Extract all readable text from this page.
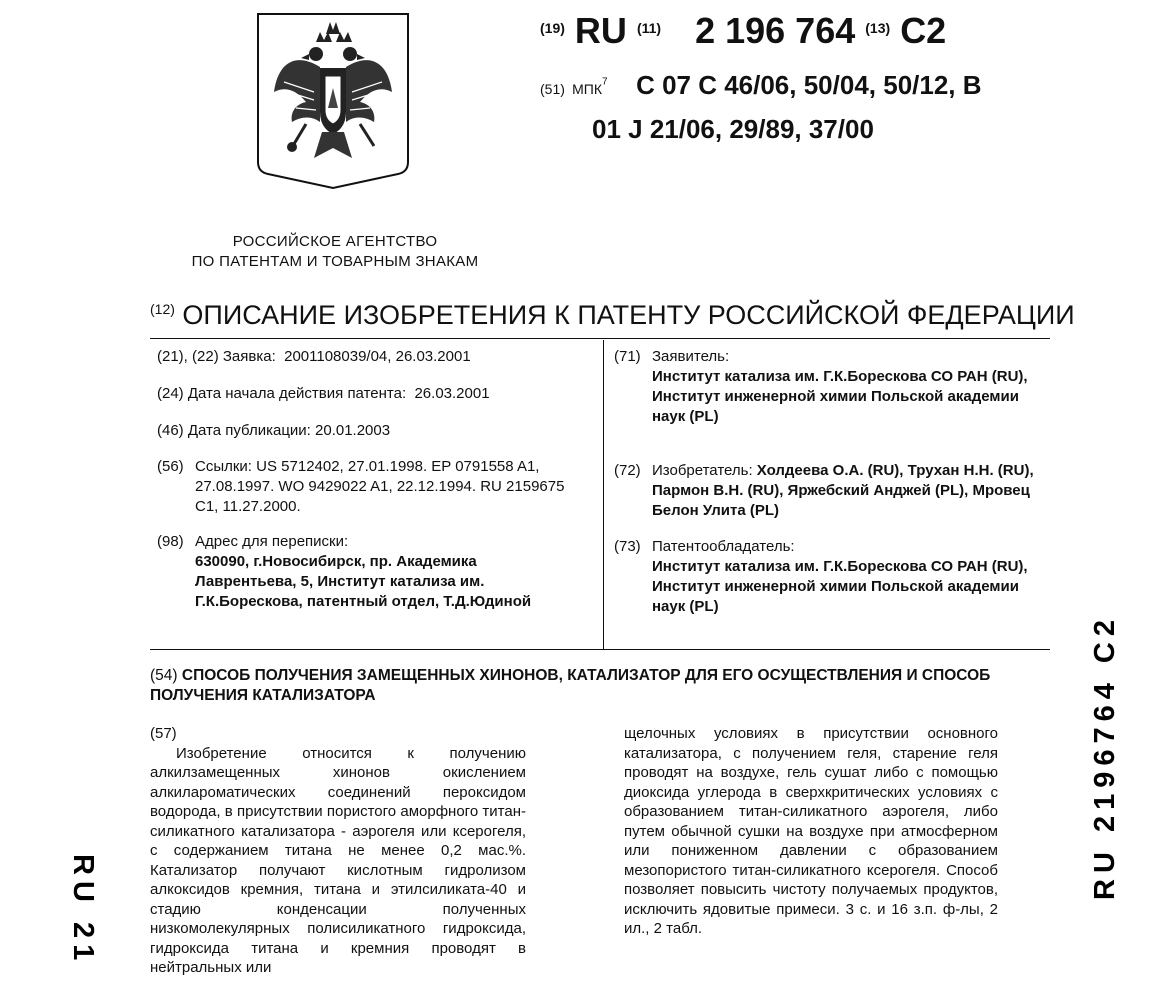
РОССИЙСКОЕ АГЕНТСТВО
ПО ПАТЕНТАМ И ТОВАРНЫМ ЗНАКАМ
$^{(19)}$ RU $^{(11)}$ 2 196 764 $^{(13)}$ C2
(51) МПК$^7$ C 07 C 46/06, 50/04, 50/12, B
01 J 21/06, 29/89, 37/00
$^{(12)}$ ОПИСАНИЕ ИЗОБРЕТЕНИЯ К ПАТЕНТУ РОССИЙСКОЙ ФЕДЕРАЦИИ
(21), (22) Заявка: 2001108039/04, 26.03.2001
(24) Дата начала действия патента: 26.03.2001
(46) Дата публикации: 20.01.2003
(56) Ссылки: US 5712402, 27.01.1998. EP 0791558 A1, 27.08.1997. WO 9429022 A1, 22.12.1994. RU 2159675 C1, 11.27.2000.
(98) Адрес для переписки:
630090, г.Новосибирск, пр. Академика Лаврентьева, 5, Институт катализа им. Г.К.Борескова, патентный отдел, Т.Д.Юдиной
(71) Заявитель:
Институт катализа им. Г.К.Борескова СО РАН (RU),
Институт инженерной химии Польской академии наук (PL)
(72) Изобретатель: Холдеева О.А. (RU), Трухан Н.Н. (RU), Пармон В.Н. (RU), Яржебский Анджей (PL), Мровец Белон Улита (PL)
(73) Патентообладатель:
Институт катализа им. Г.К.Борескова СО РАН (RU),
Институт инженерной химии Польской академии наук (PL)
(54) СПОСОБ ПОЛУЧЕНИЯ ЗАМЕЩЕННЫХ ХИНОНОВ, КАТАЛИЗАТОР ДЛЯ ЕГО ОСУЩЕСТВЛЕНИЯ И СПОСОБ ПОЛУЧЕНИЯ КАТАЛИЗАТОРА
(57)
Изобретение относится к получению алкилзамещенных хинонов окислением алкилароматических соединений пероксидом водорода, в присутствии пористого аморфного титан-силикатного катализатора - аэрогеля или ксерогеля, с содержанием титана не менее 0,2 мас.%. Катализатор получают кислотным гидролизом алкоксидов кремния, титана и этилсиликата-40 и стадию конденсации полученных низкомолекулярных полисиликатного гидроксида, гидроксида титана и кремния проводят в нейтральных или
щелочных условиях в присутствии основного катализатора, с получением геля, старение геля проводят на воздухе, гель сушат либо с помощью диоксида углерода в сверхкритических условиях с образованием титан-силикатного аэрогеля, либо путем обычной сушки на воздухе при атмосферном или пониженном давлении с образованием мезопористого титан-силикатного ксерогеля. Способ позволяет повысить чистоту получаемых продуктов, исключить ядовитые примеси. 3 с. и 16 з.п. ф-лы, 2 ил., 2 табл.
RU 2196764 C2
RU 21
